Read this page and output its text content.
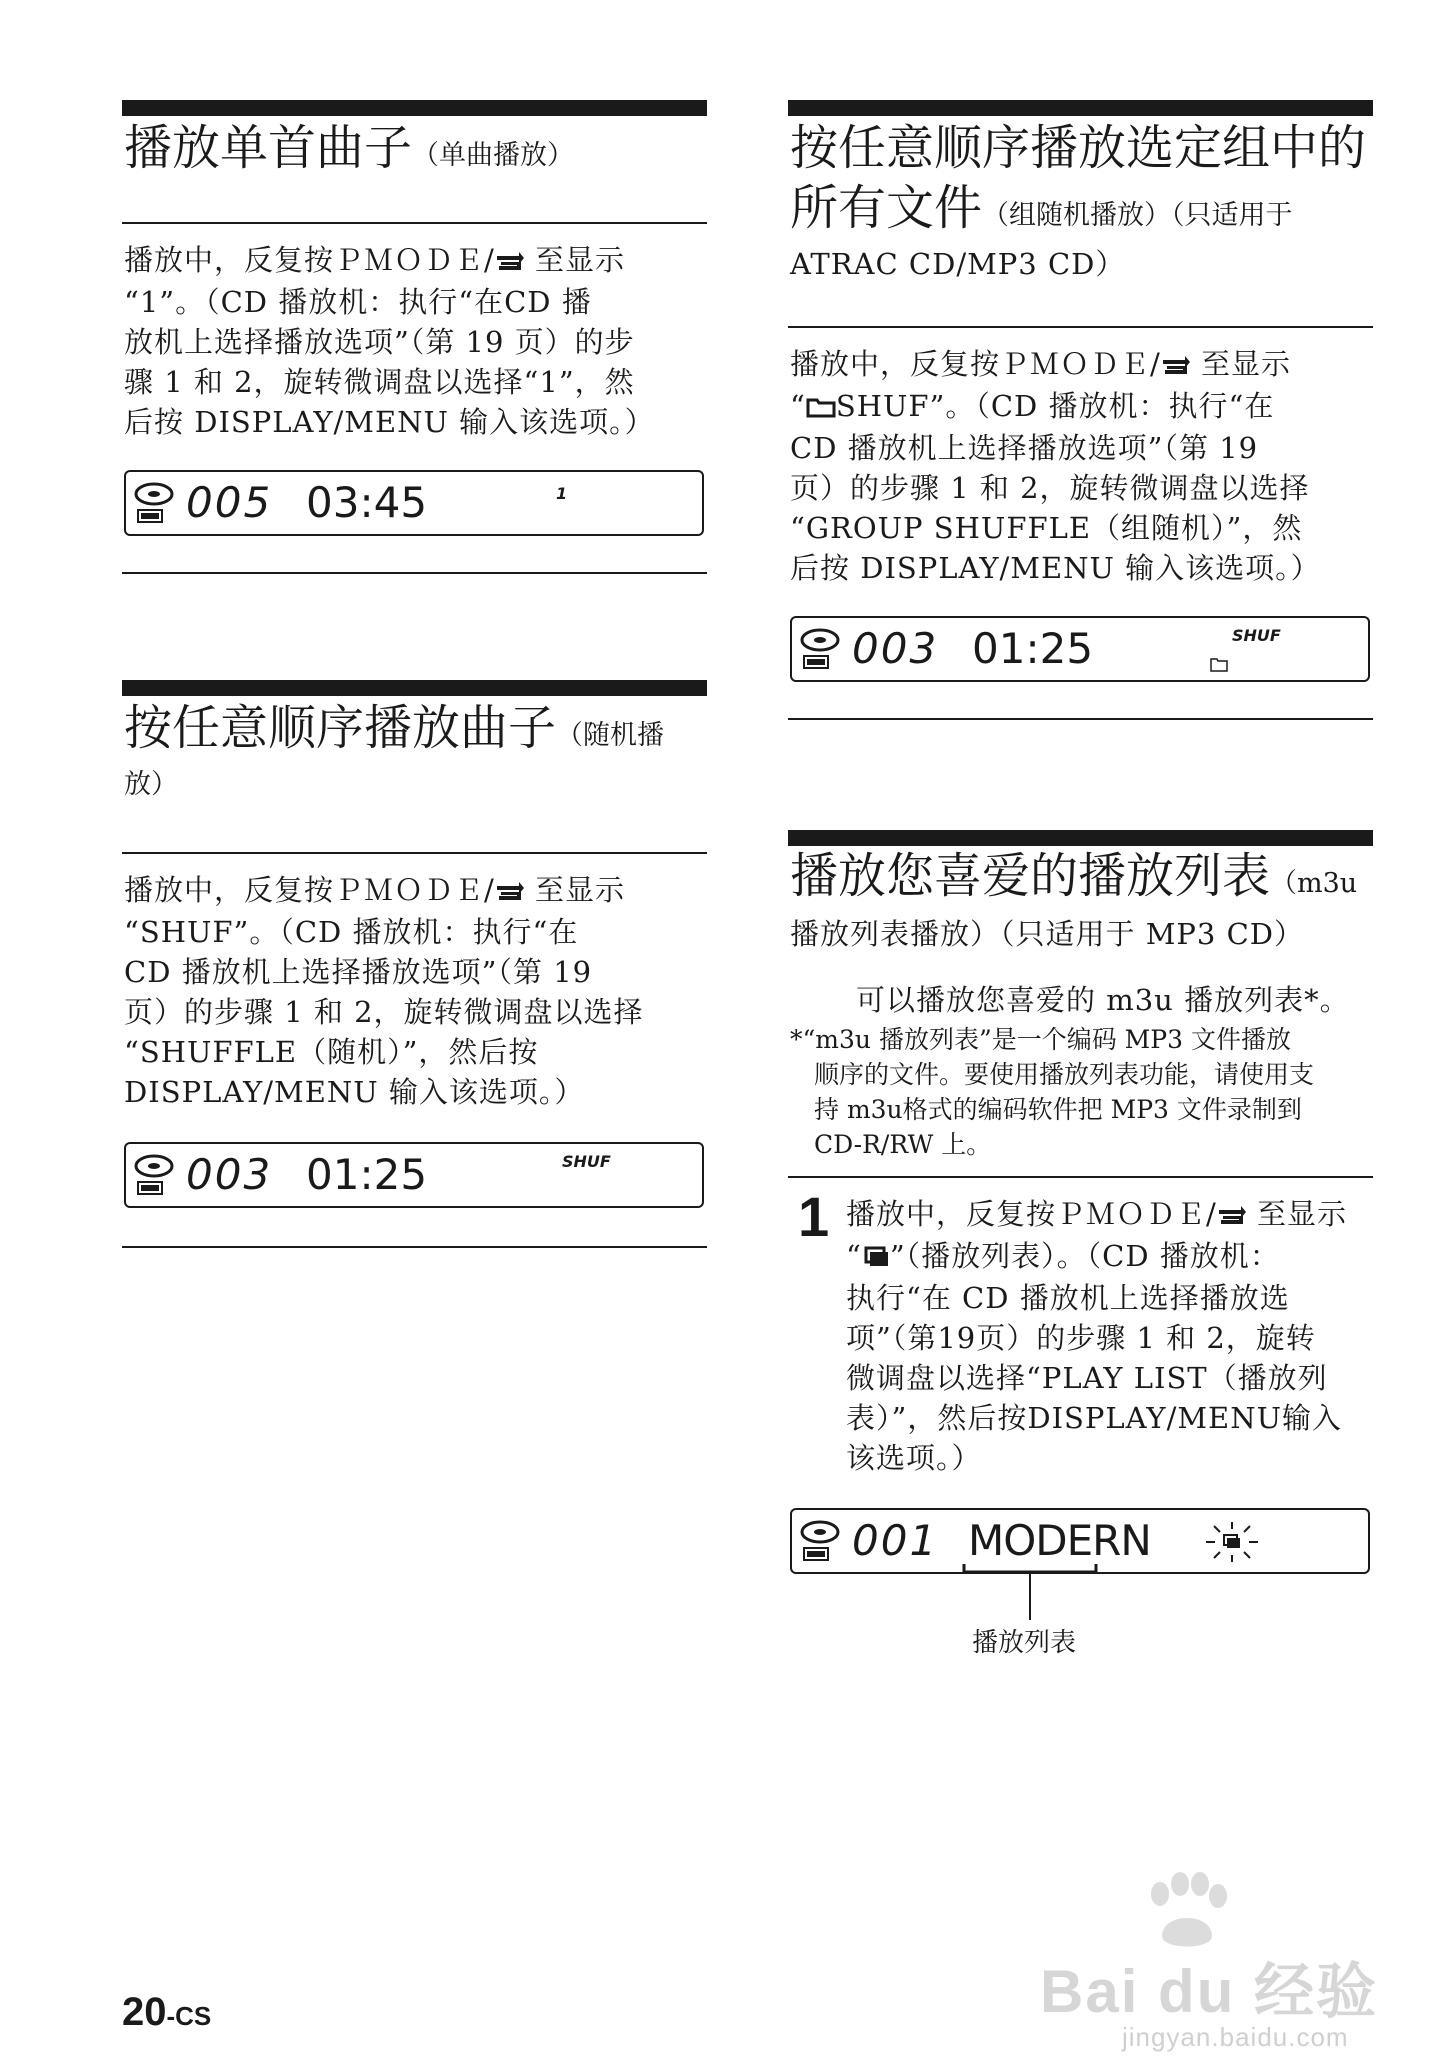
播放单首曲子（单曲播放）
播放中，反复按ＰＭＯＤＥ/ 至显示
“1”。（CD 播放机：执行“在CD 播
放机上选择播放选项”（第 19 页）的步
骤 1 和 2，旋转微调盘以选择“1”，然
后按 DISPLAY/MENU 输入该选项。）
005 03:45	1
按任意顺序播放曲子（随机播
放）
播放中，反复按ＰＭＯＤＥ/ 至显示
“SHUF”。（CD 播放机：执行“在
CD 播放机上选择播放选项”（第 19
页）的步骤 1 和 2，旋转微调盘以选择
“SHUFFLE（随机）”，然后按
DISPLAY/MENU 输入该选项。）
003 01:25	SHUF
按任意顺序播放选定组中的
所有文件（组随机播放）（只适用于
ATRAC CD/MP3 CD）
播放中，反复按ＰＭＯＤＥ/ 至显示
“ SHUF”。（CD 播放机：执行“在
CD 播放机上选择播放选项”（第 19
页）的步骤 1 和 2，旋转微调盘以选择
“GROUP SHUFFLE（组随机）”，然
后按 DISPLAY/MENU 输入该选项。）
003 01:25	SHUF
播放您喜爱的播放列表（m3u
播放列表播放）（只适用于 MP3 CD）
可以播放您喜爱的 m3u 播放列表*。
*“m3u 播放列表”是一个编码 MP3 文件播放
顺序的文件。要使用播放列表功能，请使用支
持 m3u格式的编码软件把 MP3 文件录制到
CD-R/RW 上。
1 播放中，反复按ＰＭＯＤＥ/ 至显示
“ ”（播放列表）。（CD 播放机：
执行“在 CD 播放机上选择播放选
项”（第19页）的步骤 1 和 2，旋转
微调盘以选择“PLAY LIST（播放列
表）”，然后按DISPLAY/MENU输入
该选项。）
001 MODERN
播放列表
Bai du 经验
jingyan.baidu.com
20-CS
